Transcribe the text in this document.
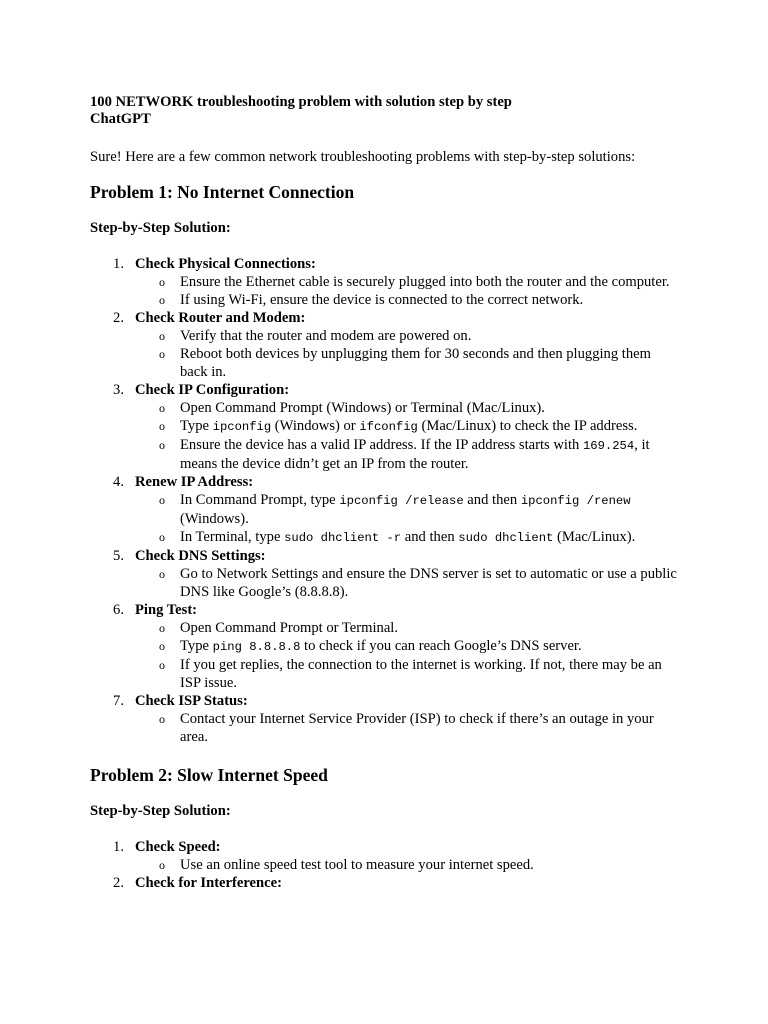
100 NETWORK troubleshooting problem with solution step by step
ChatGPT

Sure! Here are a few common network troubleshooting problems with step-by-step solutions:

Problem 1: No Internet Connection
Step-by-Step Solution:
1. Check Physical Connections:
o Ensure the Ethernet cable is securely plugged into both the router and the computer.
o If using Wi-Fi, ensure the device is connected to the correct network.
2. Check Router and Modem:
o Verify that the router and modem are powered on.
o Reboot both devices by unplugging them for 30 seconds and then plugging them back in.
3. Check IP Configuration:
o Open Command Prompt (Windows) or Terminal (Mac/Linux).
o Type ipconfig (Windows) or ifconfig (Mac/Linux) to check the IP address.
o Ensure the device has a valid IP address. If the IP address starts with 169.254, it means the device didn’t get an IP from the router.
4. Renew IP Address:
o In Command Prompt, type ipconfig /release and then ipconfig /renew (Windows).
o In Terminal, type sudo dhclient -r and then sudo dhclient (Mac/Linux).
5. Check DNS Settings:
o Go to Network Settings and ensure the DNS server is set to automatic or use a public DNS like Google’s (8.8.8.8).
6. Ping Test:
o Open Command Prompt or Terminal.
o Type ping 8.8.8.8 to check if you can reach Google’s DNS server.
o If you get replies, the connection to the internet is working. If not, there may be an ISP issue.
7. Check ISP Status:
o Contact your Internet Service Provider (ISP) to check if there’s an outage in your area.
Problem 2: Slow Internet Speed
Step-by-Step Solution:
1. Check Speed:
o Use an online speed test tool to measure your internet speed.
2. Check for Interference:
